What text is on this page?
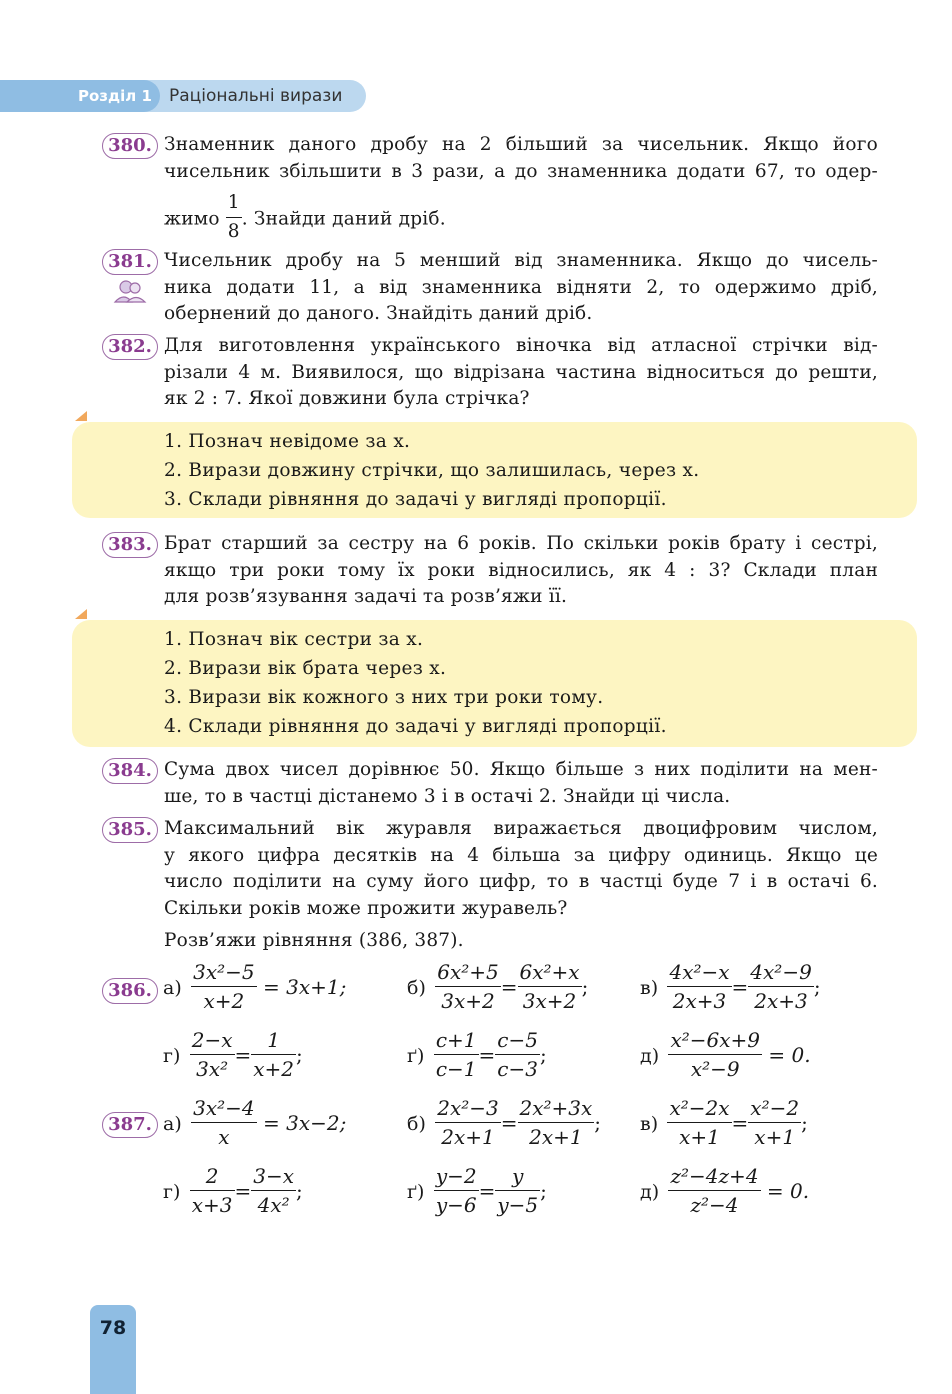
Розділ 1 Раціональні вирази
380. Знаменник даного дробу на 2 більший за чисельник. Якщо його
чисельник збільшити в 3 рази, а до знаменника додати 67, то одер-
жимо $\frac{1}{8}$ . Знайди даний дріб.
381. Чисельник дробу на 5 менший від знаменника. Якщо до чисель-
ника додати 11, а від знаменника відняти 2, то одержимо дріб,
обернений до даного. Знайдіть даний дріб.
382. Для виготовлення українського віночка від атласної стрічки від-
різали 4 м. Виявилося, що відрізана частина відноситься до решти,
як 2 : 7. Якої довжини була стрічка?
1. Познач невідоме за x.
2. Вирази довжину стрічки, що залишилась, через x.
3. Склади рівняння до задачі у вигляді пропорції.
383. Брат старший за сестру на 6 років. По скільки років брату і сестрі,
якщо три роки тому їх роки відносились, як 4 : 3? Склади план
для розв’язування задачі та розв’яжи її.
1. Познач вік сестри за x.
2. Вирази вік брата через x.
3. Вирази вік кожного з них три роки тому.
4. Склади рівняння до задачі у вигляді пропорції.
384. Сума двох чисел дорівнює 50. Якщо більше з них поділити на мен-
ше, то в частці дістанемо 3 і в остачі 2. Знайди ці числа.
385. Максимальний вік журавля виражається двоцифровим числом,
у якого цифра десятків на 4 більша за цифру одиниць. Якщо це
число поділити на суму його цифр, то в частці буде 7 і в остачі 6.
Скільки років може прожити журавель?
Розв’яжи рівняння (386, 387).
386. $а) \frac{\text{3x²−5}}{x+2} = 3x+1$;	$б) \frac{\text{6x²+5}}{3x+2} = \frac{\text{6x²+x}}{3x+2}$ ;	$в) \frac{\text{4x²−x}}{2x+3} = \frac{\text{4x²−9}}{2x+3}$ ;
$г) \frac{2-x}{\text{3x²}} = \frac{1}{x+2}$ ;	$ґ) \frac{c+1}{c-1} = \frac{c-5}{c-3}$ ;	$д) \frac{\text{x²−6x+9}}{\text{x²−9}} = 0$.
387. $а) \frac{\text{3x²−4}}{x} = 3x-2$;	$б) \frac{\text{2x²−3}}{2x+1} = \frac{\text{2x²+3x}}{2x+1}$ ; $в) \frac{\text{x²−2x}}{x+1} = \frac{\text{x²−2}}{x+1}$ ;
$г) \frac{2}{x+3} = \frac{3-x}{\text{4x²}}$ ;	$ґ) \frac{y-2}{y-6} = \frac{y}{y-5}$ ;	$д) \frac{\text{z²−4z+4}}{\text{z²−4}} = 0$.
78
